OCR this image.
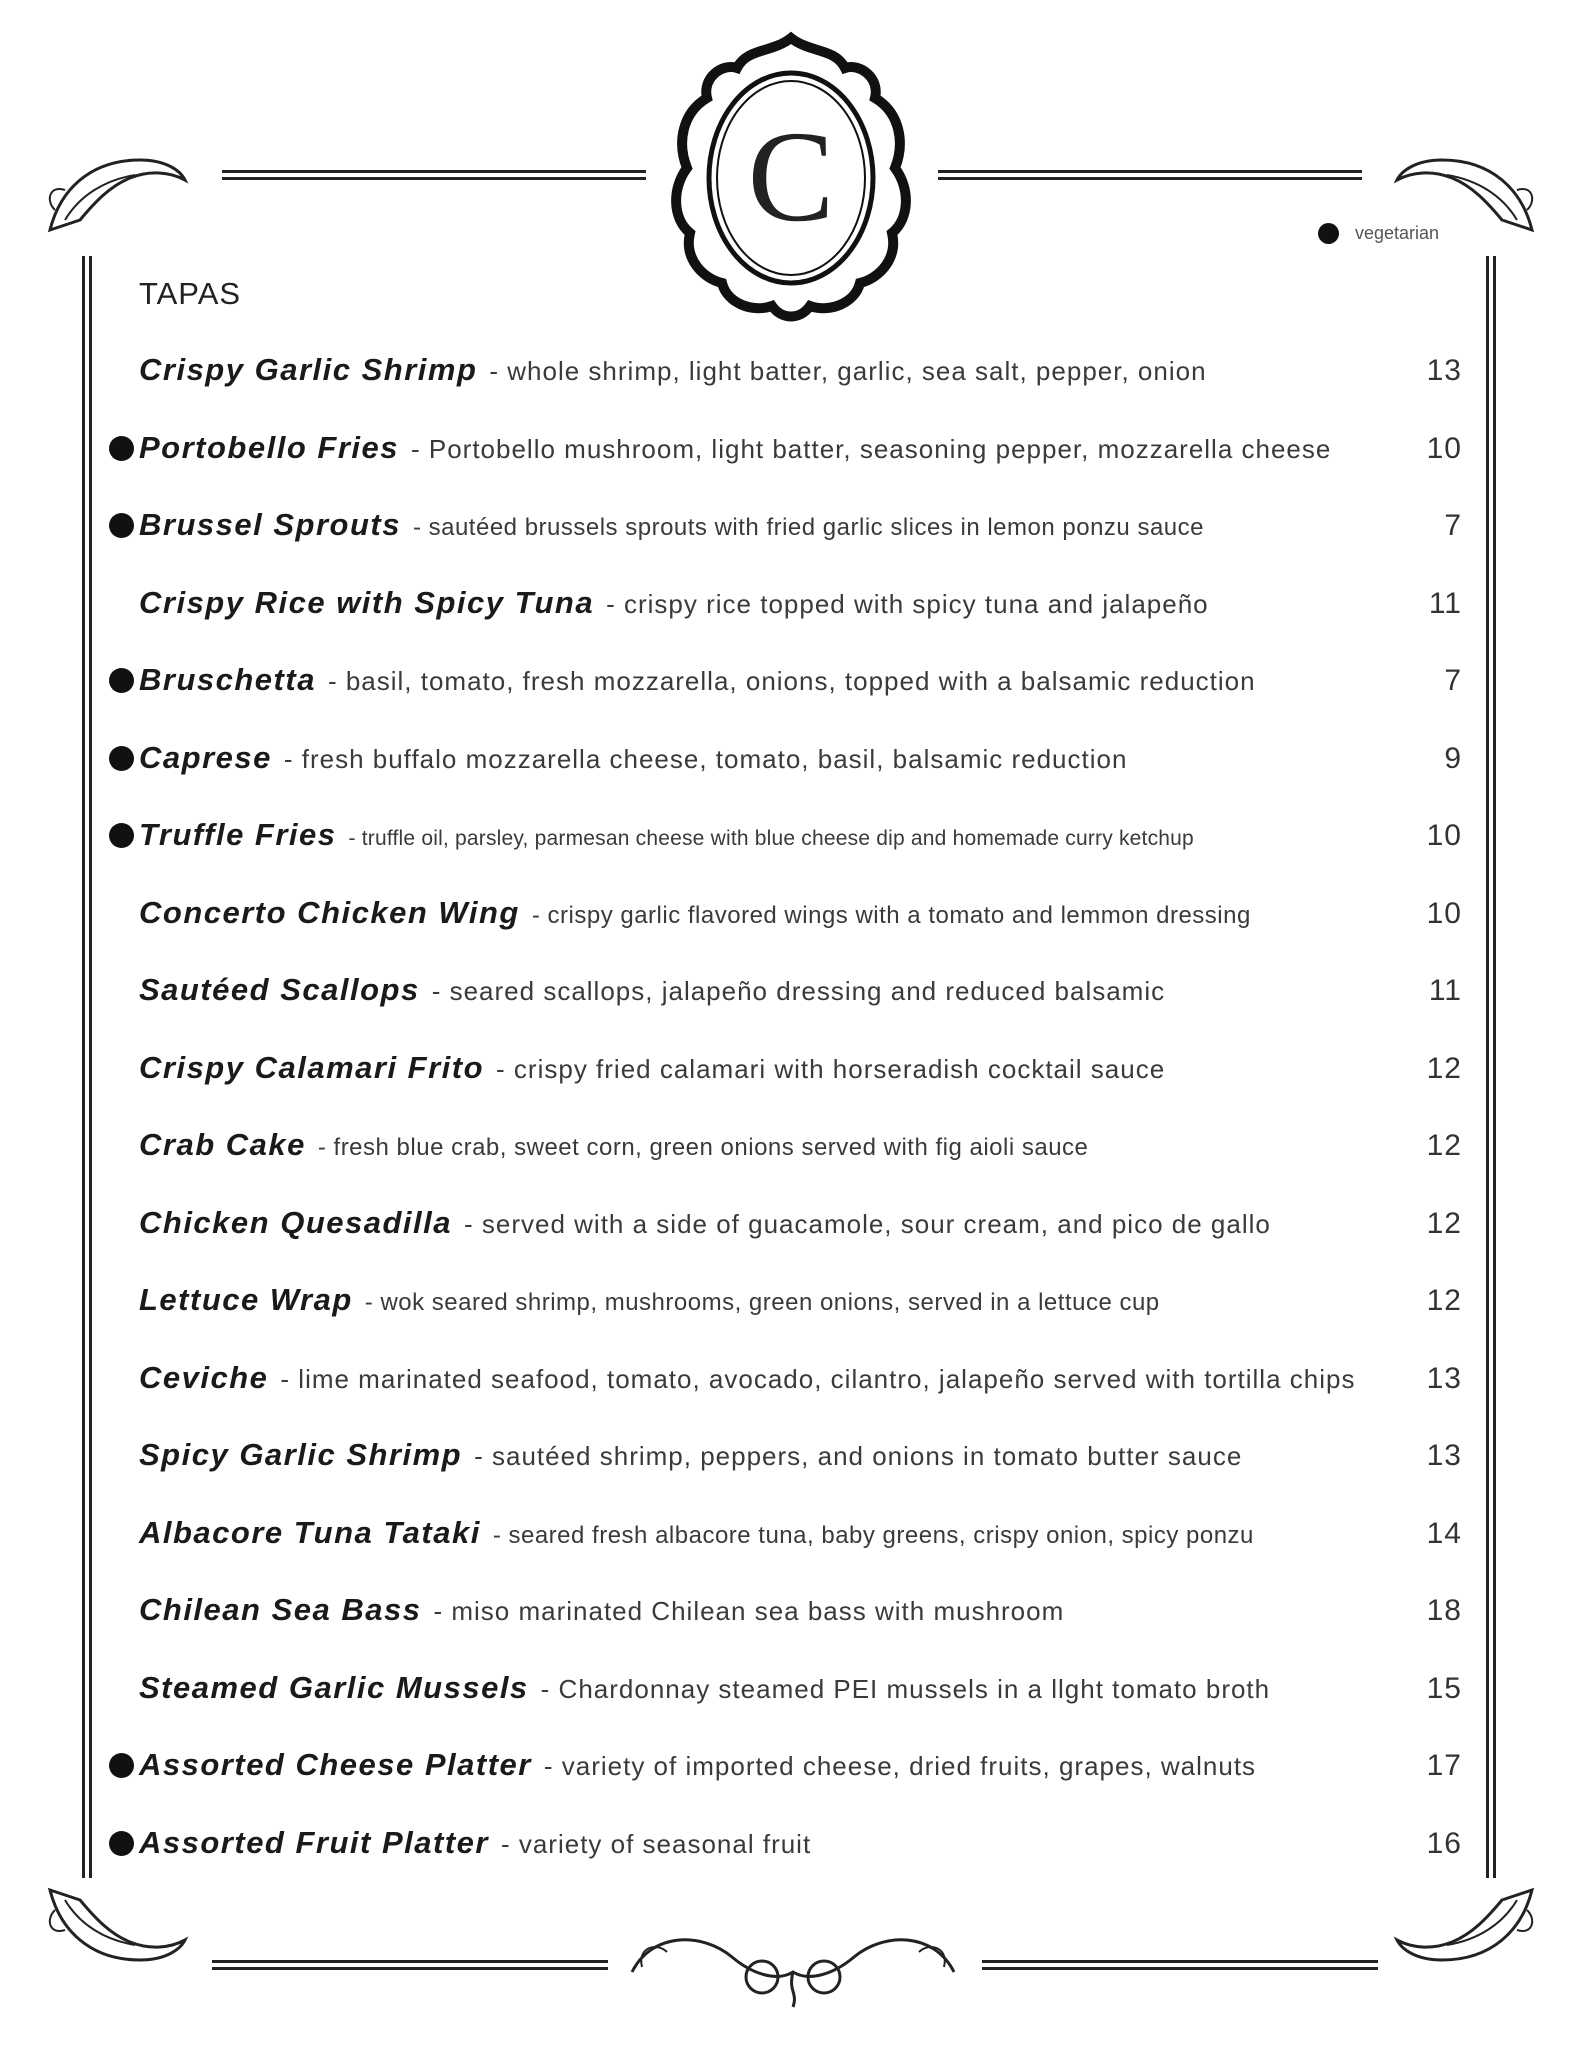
C	vegetarian
TAPAS
Crispy Garlic Shrimp - whole shrimp, light batter, garlic, sea salt, pepper, onion	13
Portobello Fries - Portobello mushroom, light batter, seasoning pepper, mozzarella cheese	10
Brussel Sprouts - sautéed brussels sprouts with fried garlic slices in lemon ponzu sauce	7
Crispy Rice with Spicy Tuna - crispy rice topped with spicy tuna and jalapeño	11
Bruschetta - basil, tomato, fresh mozzarella, onions, topped with a balsamic reduction	7
Caprese - fresh buffalo mozzarella cheese, tomato, basil, balsamic reduction	9
Truffle Fries - truffle oil, parsley, parmesan cheese with blue cheese dip and homemade curry ketchup	10
Concerto Chicken Wing - crispy garlic flavored wings with a tomato and lemmon dressing	10
Sautéed Scallops - seared scallops, jalapeño dressing and reduced balsamic	11
Crispy Calamari Frito - crispy fried calamari with horseradish cocktail sauce	12
Crab Cake - fresh blue crab, sweet corn, green onions served with fig aioli sauce	12
Chicken Quesadilla - served with a side of guacamole, sour cream, and pico de gallo	12
Lettuce Wrap - wok seared shrimp, mushrooms, green onions, served in a lettuce cup	12
Ceviche - lime marinated seafood, tomato, avocado, cilantro, jalapeño served with tortilla chips	13
Spicy Garlic Shrimp - sautéed shrimp, peppers, and onions in tomato butter sauce	13
Albacore Tuna Tataki - seared fresh albacore tuna, baby greens, crispy onion, spicy ponzu	14
Chilean Sea Bass - miso marinated Chilean sea bass with mushroom	18
Steamed Garlic Mussels - Chardonnay steamed PEI mussels in a llght tomato broth	15
Assorted Cheese Platter - variety of imported cheese, dried fruits, grapes, walnuts	17
Assorted Fruit Platter - variety of seasonal fruit	16
